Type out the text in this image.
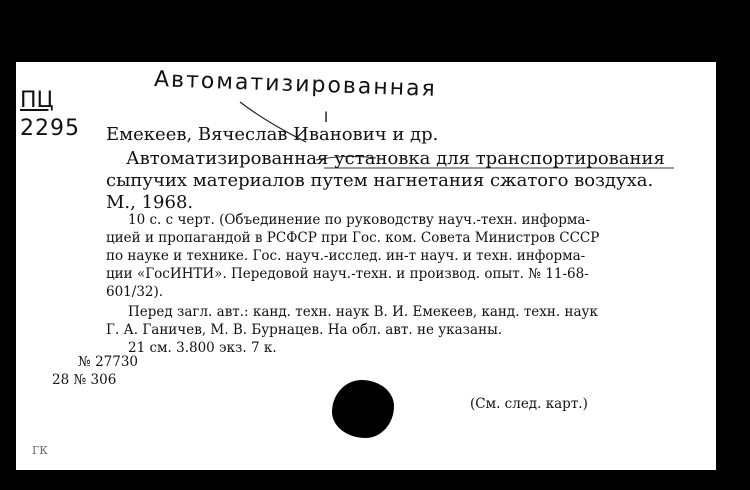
Автоматизированная
I
ПЦ
2295 Емекеев, Вячеслав Иванович и др.
Автоматизированная установка для транспортирования
сыпучих материалов путем нагнетания сжатого воздуха.
М., 1968.
10 с. с черт. (Объединение по руководству науч.-техн. информа-
цией и пропагандой в РСФСР при Гос. ком. Совета Министров СССР
по науке и технике. Гос. науч.-исслед. ин-т науч. и техн. информа-
ции «ГосИНТИ». Передовой науч.-техн. и производ. опыт. № 11-68-
601/32).
Перед загл. авт.: канд. техн. наук В. И. Емекеев, канд. техн. наук
Г. А. Ганичев, М. В. Бурнацев. На обл. авт. не указаны.
21 см. 3.800 экз. 7 к.
№ 27730
28 № 306
(См. след. карт.)
ГК
